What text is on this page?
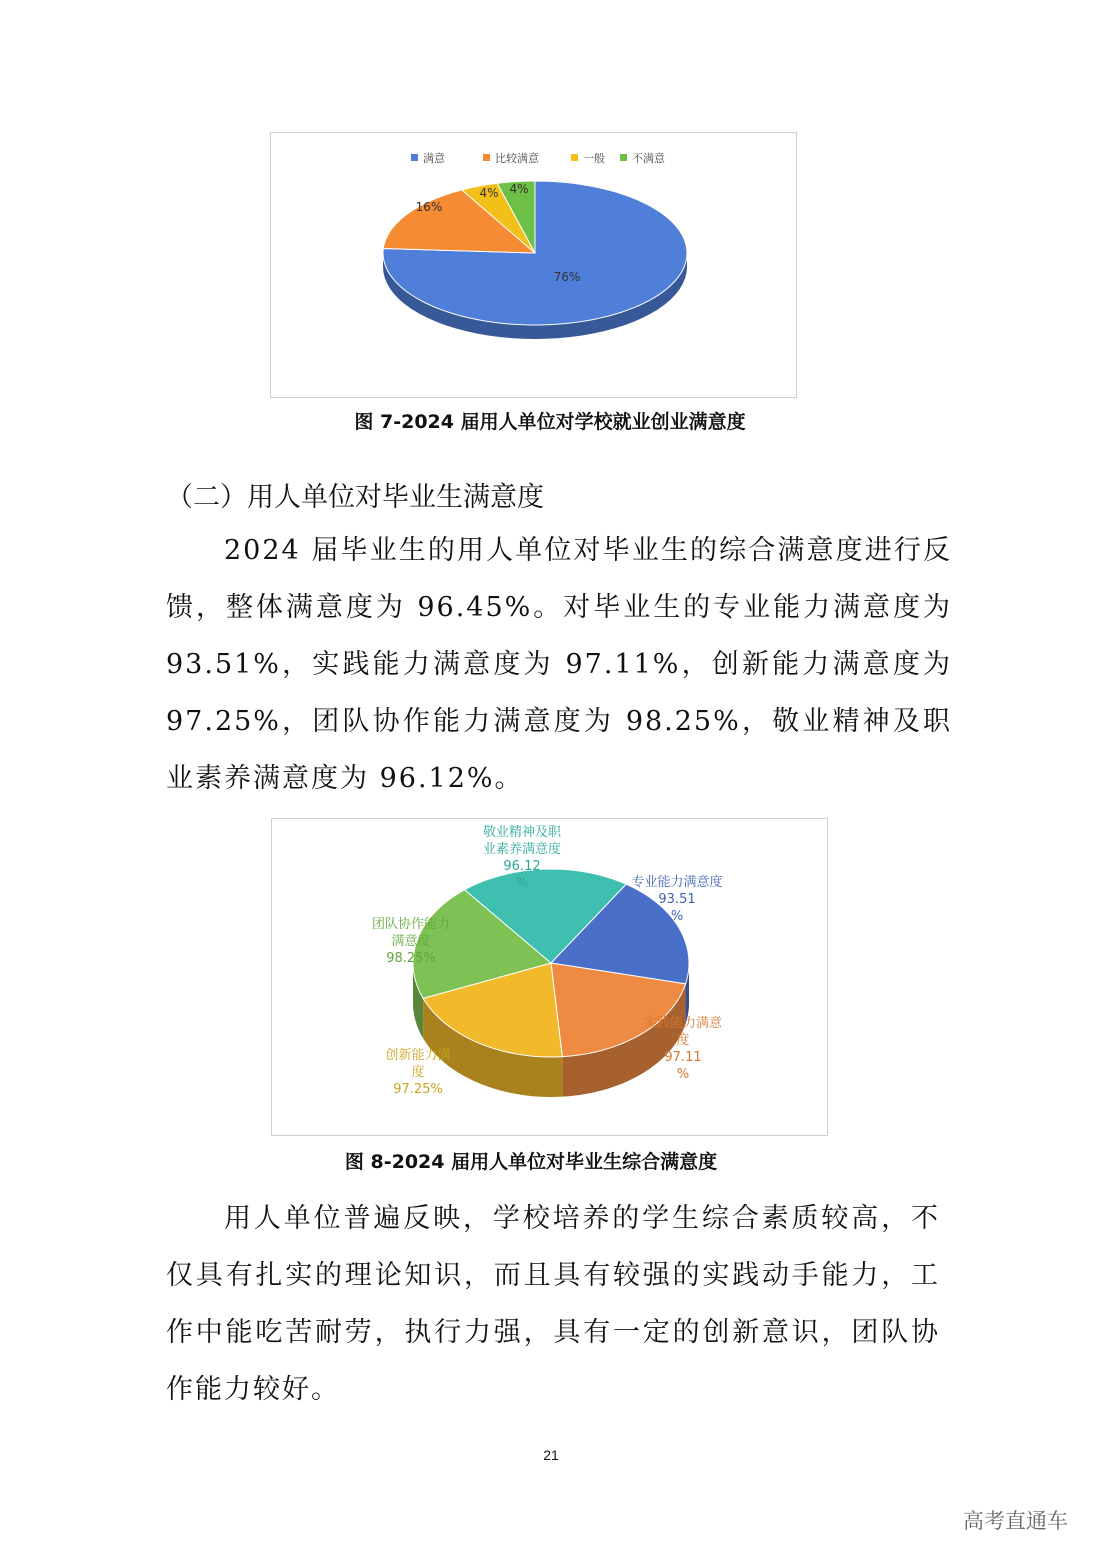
满意	比较满意	一般 不满意
76%
16%
4% 4%
图 7-2024 届用人单位对学校就业创业满意度
（二）用人单位对毕业生满意度
2024 届毕业生的用人单位对毕业生的综合满意度进行反馈，整体满意度为 96.45%。对毕业生的专业能力满意度为 93.51%，实践能力满意度为 97.11%，创新能力满意度为 97.25%，团队协作能力满意度为 98.25%，敬业精神及职业素养满意度为 96.12%。
专业能力满意度
93.51
%
实践能力满意
度
97.11
%
创新能力满
度
97.25%
团队协作能力
满意度
98.25%
敬业精神及职
业素养满意度
96.12
%
图 8-2024 届用人单位对毕业生综合满意度
用人单位普遍反映，学校培养的学生综合素质较高，不仅具有扎实的理论知识，而且具有较强的实践动手能力，工作中能吃苦耐劳，执行力强，具有一定的创新意识，团队协作能力较好。
21
高考直通车
